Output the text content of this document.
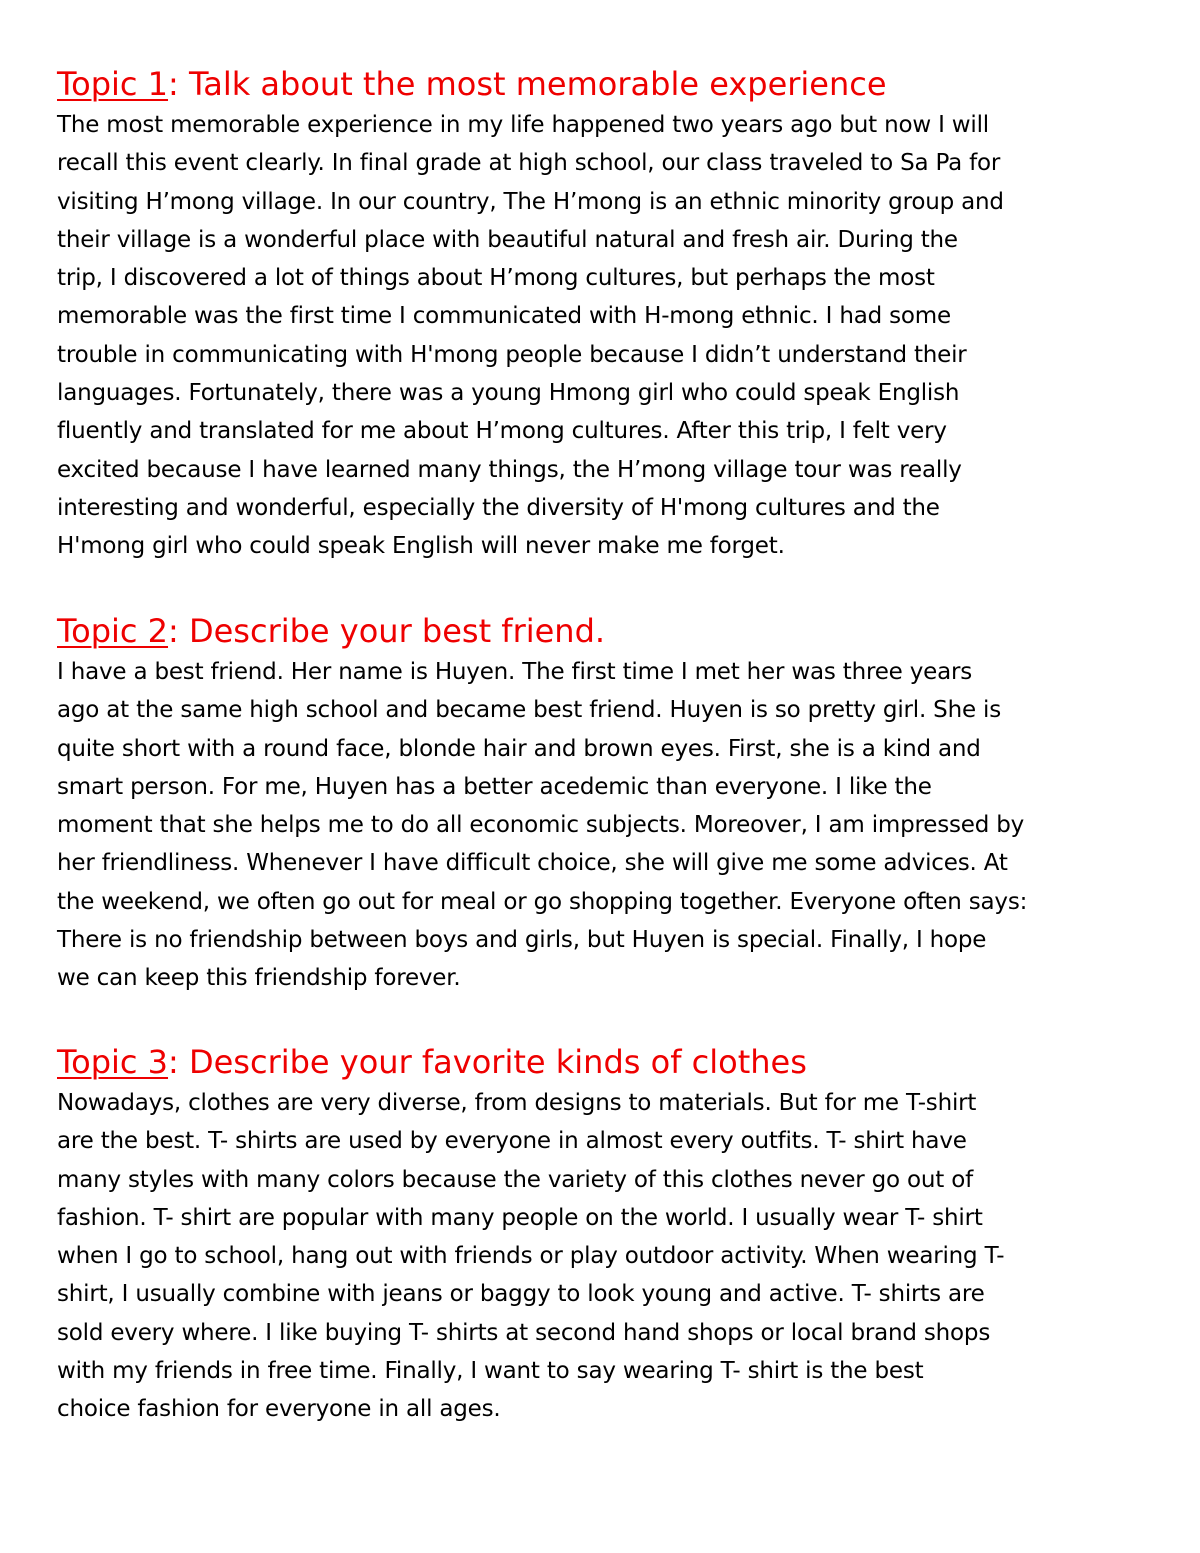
Topic 1: Talk about the most memorable experience

The most memorable experience in my life happened two years ago but now I will

recall this event clearly. In final grade at high school, our class traveled to Sa Pa for

visiting H’mong village. In our country, The H’mong is an ethnic minority group and

their village is a wonderful place with beautiful natural and fresh air. During the

trip, I discovered a lot of things about H’mong cultures, but perhaps the most

memorable was the first time I communicated with H-mong ethnic. I had some

trouble in communicating with H'mong people because I didn’t understand their

languages. Fortunately, there was a young Hmong girl who could speak English

fluently and translated for me about H’mong cultures. After this trip, I felt very

excited because I have learned many things, the H’mong village tour was really

interesting and wonderful, especially the diversity of H'mong cultures and the

H'mong girl who could speak English will never make me forget.

Topic 2: Describe your best friend.

I have a best friend. Her name is Huyen. The first time I met her was three years

ago at the same high school and became best friend. Huyen is so pretty girl. She is

quite short with a round face, blonde hair and brown eyes. First, she is a kind and

smart person. For me, Huyen has a better acedemic than everyone. I like the

moment that she helps me to do all economic subjects. Moreover, I am impressed by

her friendliness. Whenever I have difficult choice, she will give me some advices. At

the weekend, we often go out for meal or go shopping together. Everyone often says:

There is no friendship between boys and girls, but Huyen is special. Finally, I hope

we can keep this friendship forever.

Topic 3: Describe your favorite kinds of clothes

Nowadays, clothes are very diverse, from designs to materials. But for me T-shirt

are the best. T- shirts are used by everyone in almost every outfits. T- shirt have

many styles with many colors because the variety of this clothes never go out of

fashion. T- shirt are popular with many people on the world. I usually wear T- shirt

when I go to school, hang out with friends or play outdoor activity. When wearing T-

shirt, I usually combine with jeans or baggy to look young and active. T- shirts are

sold every where. I like buying T- shirts at second hand shops or local brand shops

with my friends in free time. Finally, I want to say wearing T- shirt is the best

choice fashion for everyone in all ages.
